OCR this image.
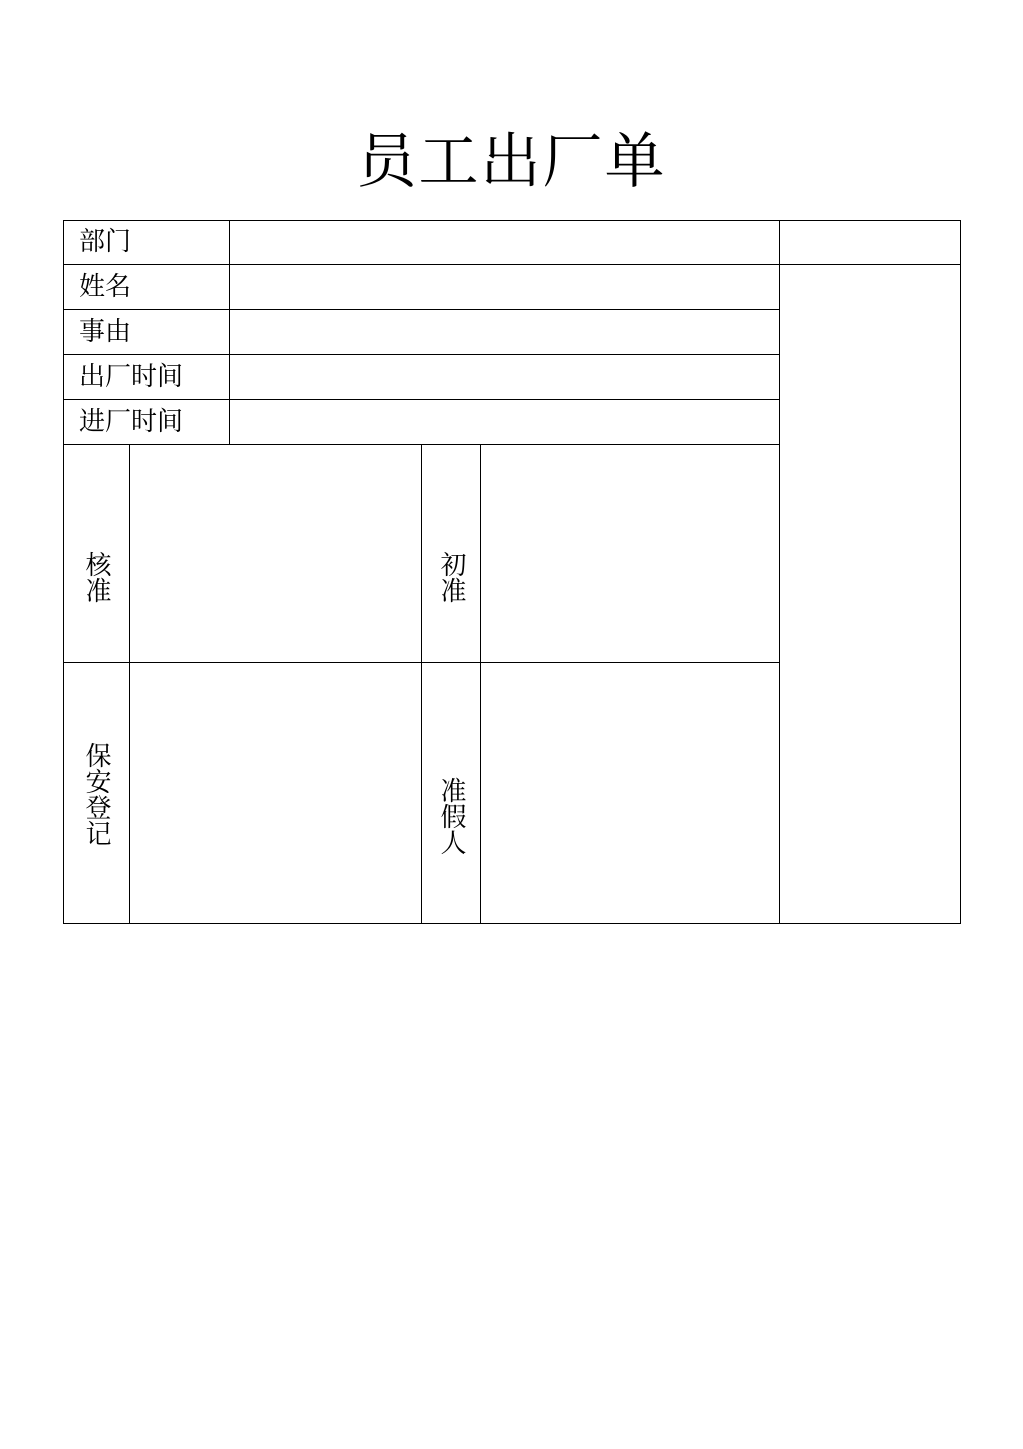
员工出厂单
部门
姓名
事由
出厂时间
进厂时间
核准	初准
保安登记	准假人
